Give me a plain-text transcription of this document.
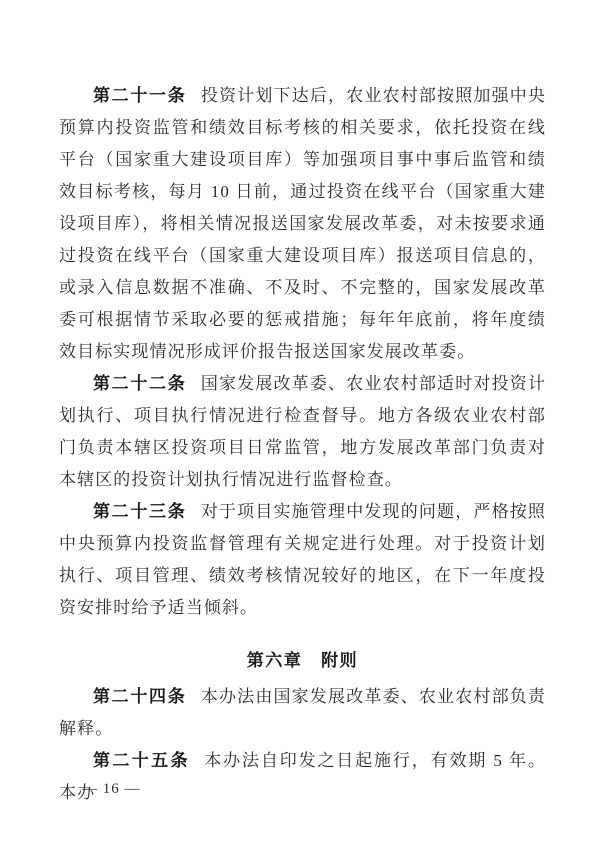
第二十一条 投资计划下达后，农业农村部按照加强中央预算内投资监管和绩效目标考核的相关要求，依托投资在线平台（国家重大建设项目库）等加强项目事中事后监管和绩效目标考核，每月 10 日前，通过投资在线平台（国家重大建设项目库），将相关情况报送国家发展改革委，对未按要求通过投资在线平台（国家重大建设项目库）报送项目信息的，或录入信息数据不准确、不及时、不完整的，国家发展改革委可根据情节采取必要的惩戒措施；每年年底前，将年度绩效目标实现情况形成评价报告报送国家发展改革委。

第二十二条 国家发展改革委、农业农村部适时对投资计划执行、项目执行情况进行检查督导。地方各级农业农村部门负责本辖区投资项目日常监管，地方发展改革部门负责对本辖区的投资计划执行情况进行监督检查。

第二十三条 对于项目实施管理中发现的问题，严格按照中央预算内投资监督管理有关规定进行处理。对于投资计划执行、项目管理、绩效考核情况较好的地区，在下一年度投资安排时给予适当倾斜。

第六章　附则

第二十四条 本办法由国家发展改革委、农业农村部负责解释。

第二十五条 本办法自印发之日起施行，有效期 5 年。本办

— 16 —
